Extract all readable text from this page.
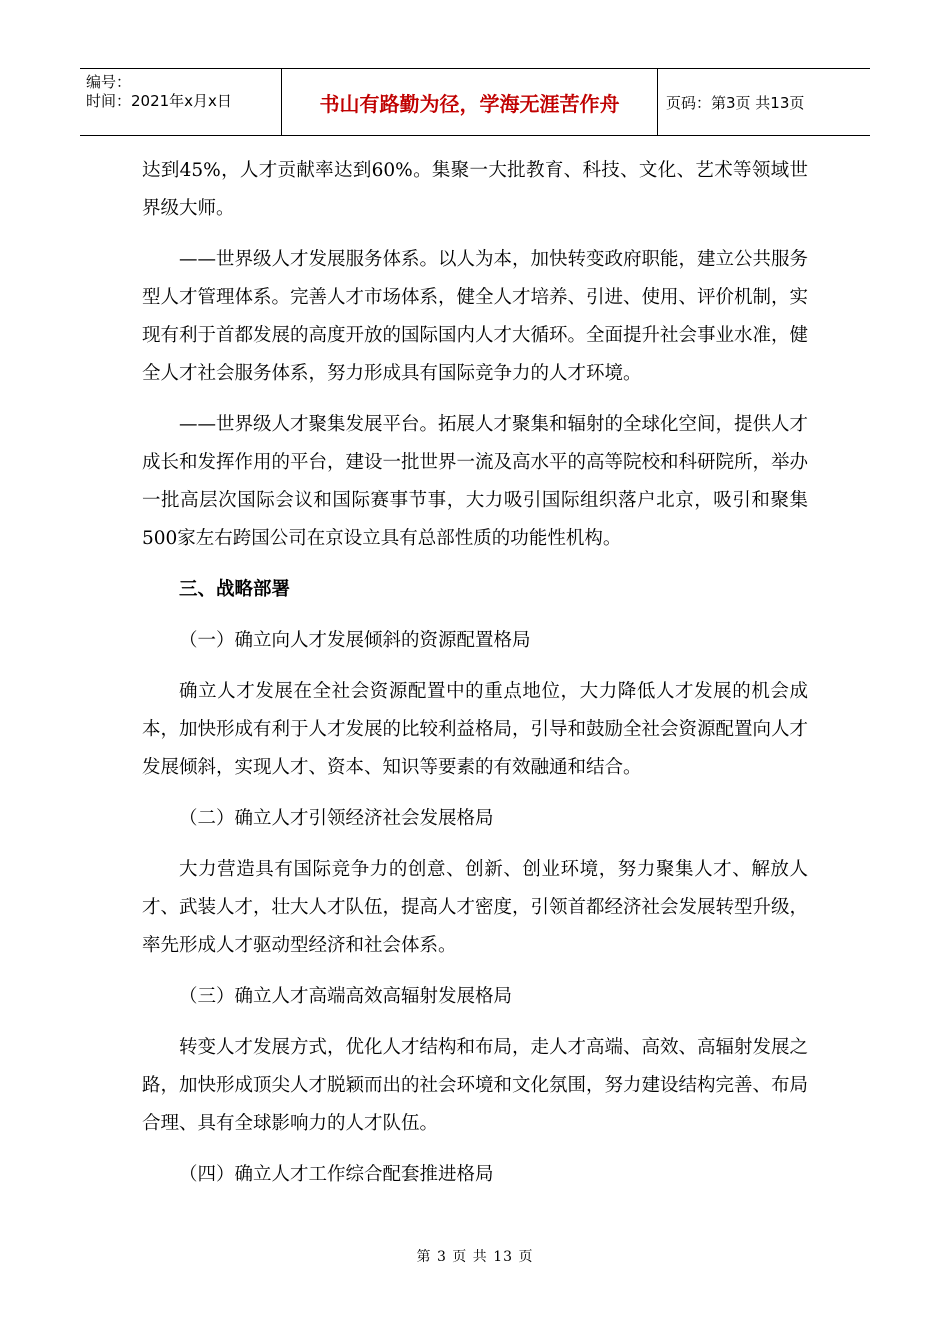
编号：
时间：2021年x月x日	书山有路勤为径，学海无涯苦作舟	页码：第3页 共13页

达到45%，人才贡献率达到60%。集聚一大批教育、科技、文化、艺术等领域世界级大师。

——世界级人才发展服务体系。以人为本，加快转变政府职能，建立公共服务型人才管理体系。完善人才市场体系，健全人才培养、引进、使用、评价机制，实现有利于首都发展的高度开放的国际国内人才大循环。全面提升社会事业水准，健全人才社会服务体系，努力形成具有国际竞争力的人才环境。

——世界级人才聚集发展平台。拓展人才聚集和辐射的全球化空间，提供人才成长和发挥作用的平台，建设一批世界一流及高水平的高等院校和科研院所，举办一批高层次国际会议和国际赛事节事，大力吸引国际组织落户北京，吸引和聚集500家左右跨国公司在京设立具有总部性质的功能性机构。

三、战略部署

（一）确立向人才发展倾斜的资源配置格局

确立人才发展在全社会资源配置中的重点地位，大力降低人才发展的机会成本，加快形成有利于人才发展的比较利益格局，引导和鼓励全社会资源配置向人才发展倾斜，实现人才、资本、知识等要素的有效融通和结合。

（二）确立人才引领经济社会发展格局

大力营造具有国际竞争力的创意、创新、创业环境，努力聚集人才、解放人才、武装人才，壮大人才队伍，提高人才密度，引领首都经济社会发展转型升级，率先形成人才驱动型经济和社会体系。

（三）确立人才高端高效高辐射发展格局

转变人才发展方式，优化人才结构和布局，走人才高端、高效、高辐射发展之路，加快形成顶尖人才脱颖而出的社会环境和文化氛围，努力建设结构完善、布局合理、具有全球影响力的人才队伍。

（四）确立人才工作综合配套推进格局

第 3 页 共 13 页
